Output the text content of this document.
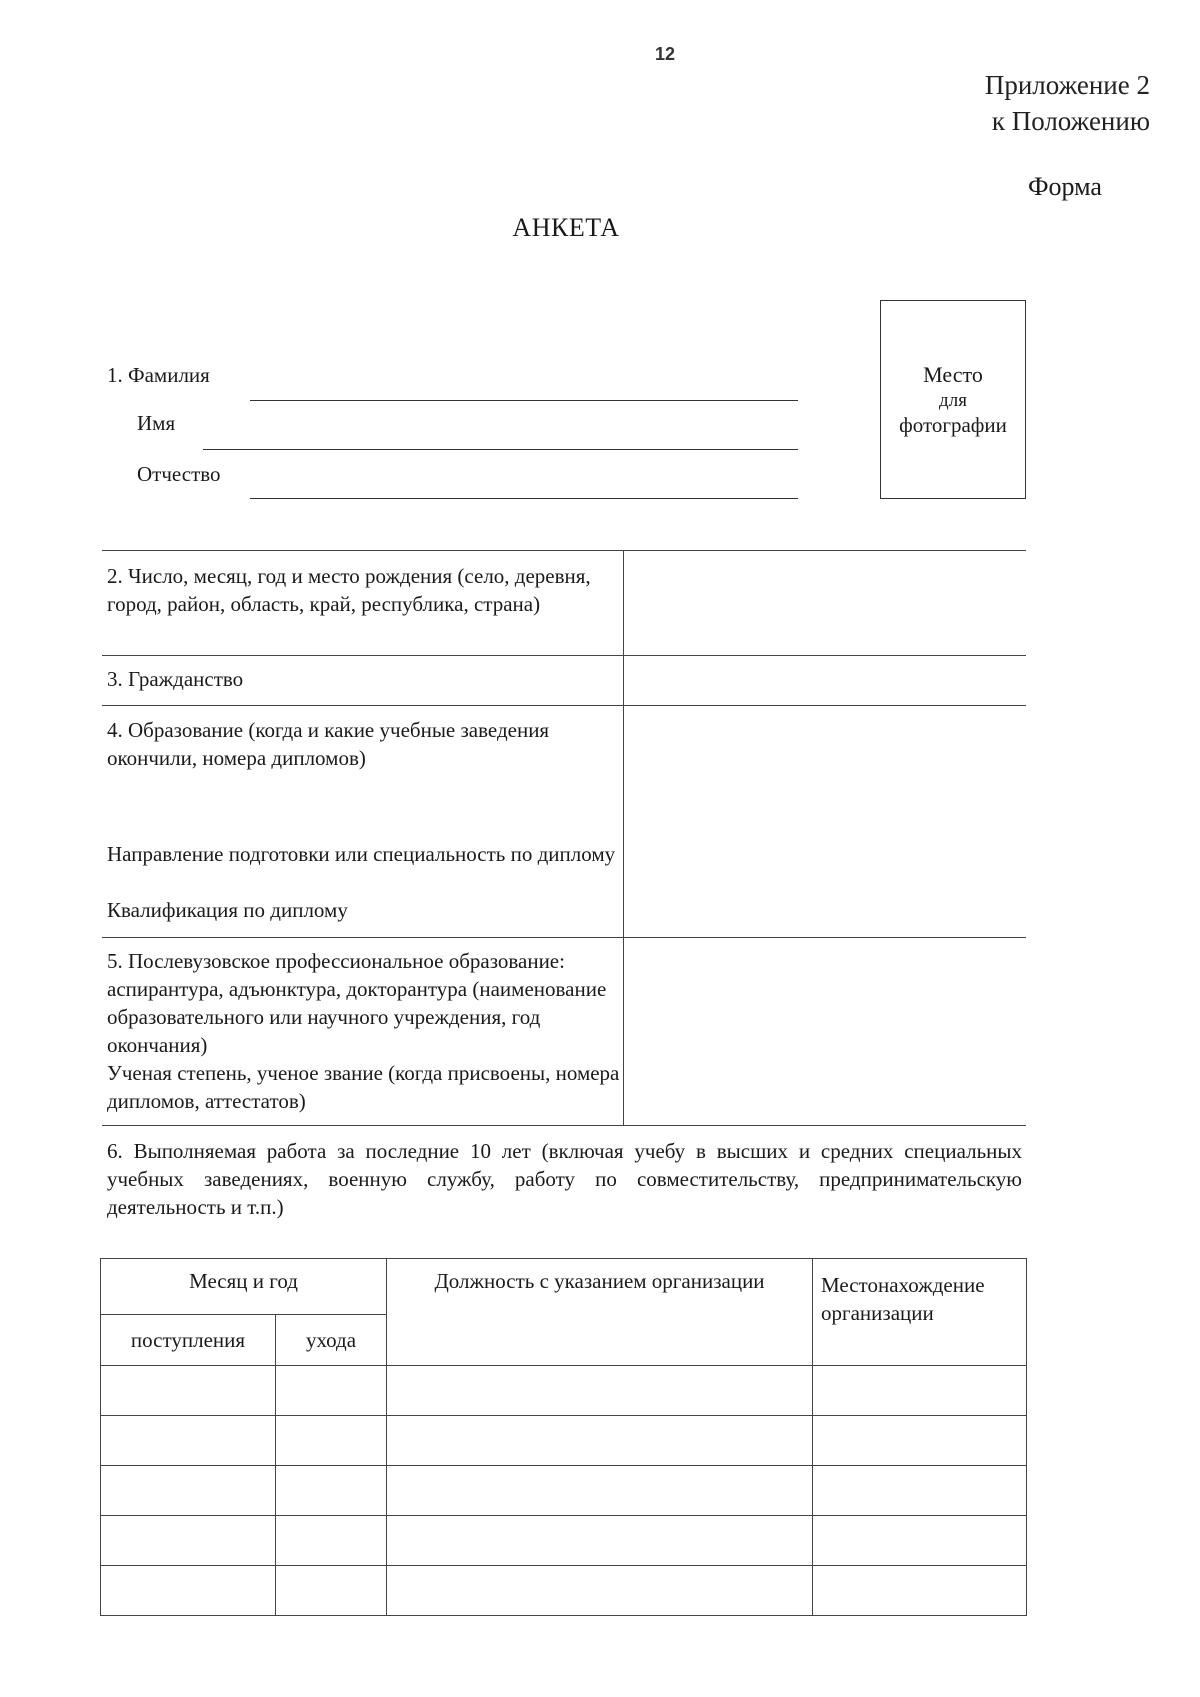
12
Приложение 2
к Положению
Форма
АНКЕТА
1. Фамилия
Имя
Отчество
Место
для
фотографии
2. Число, месяц, год и место рождения (село, деревня, город, район, область, край, республика, страна)
3. Гражданство
4. Образование (когда и какие учебные заведения окончили, номера дипломов)
Направление подготовки или специальность по диплому
Квалификация по диплому
5. Послевузовское профессиональное образование: аспирантура, адъюнктура, докторантура (наименование образовательного или научного учреждения, год окончания)
Ученая степень, ученое звание (когда присвоены, номера дипломов, аттестатов)
6. Выполняемая работа за последние 10 лет (включая учебу в высших и средних специальных учебных заведениях, военную службу, работу по совместительству, предпринимательскую деятельность и т.п.)
Месяц и год		Должность с указанием организации	Местонахождение организации
поступления	ухода		
